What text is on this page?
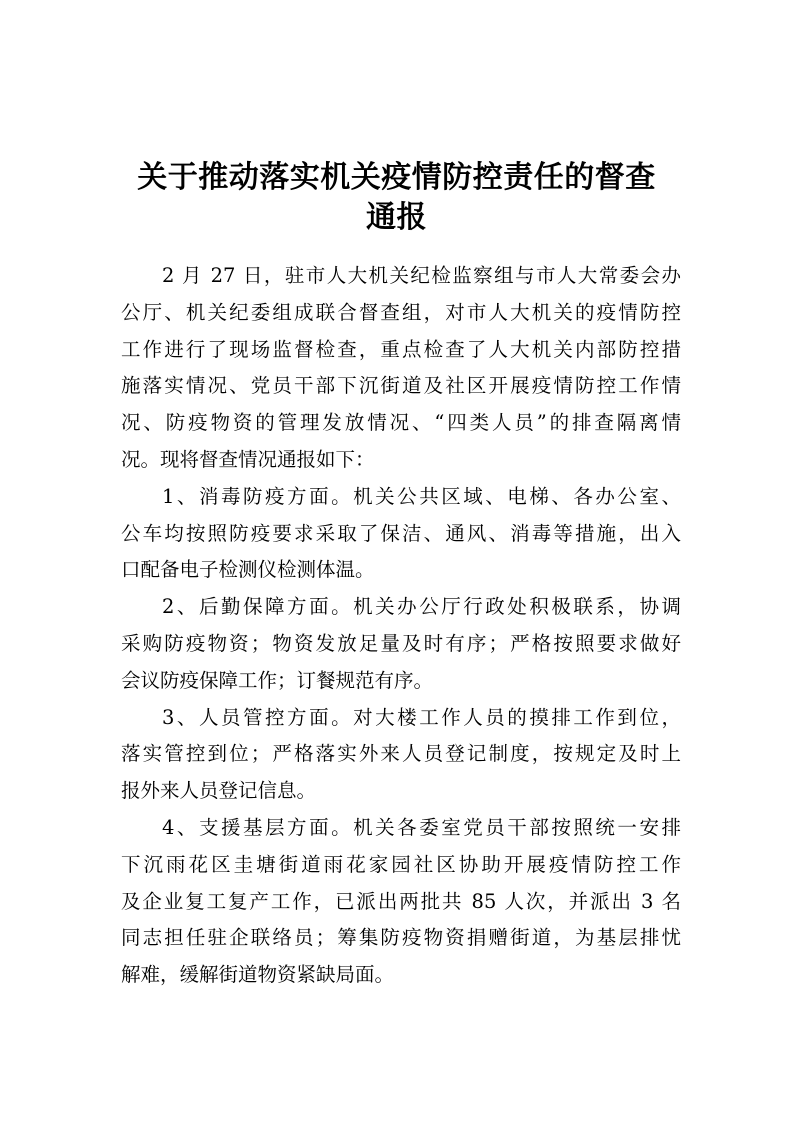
关于推动落实机关疫情防控责任的督查
通报
2 月 27 日，驻市人大机关纪检监察组与市人大常委会办
公厅、机关纪委组成联合督查组，对市人大机关的疫情防控
工作进行了现场监督检查，重点检查了人大机关内部防控措
施落实情况、党员干部下沉街道及社区开展疫情防控工作情
况、防疫物资的管理发放情况、“四类人员”的排查隔离情
况。现将督查情况通报如下：
1、消毒防疫方面。机关公共区域、电梯、各办公室、
公车均按照防疫要求采取了保洁、通风、消毒等措施，出入
口配备电子检测仪检测体温。
2、后勤保障方面。机关办公厅行政处积极联系，协调
采购防疫物资；物资发放足量及时有序；严格按照要求做好
会议防疫保障工作；订餐规范有序。
3、人员管控方面。对大楼工作人员的摸排工作到位，
落实管控到位；严格落实外来人员登记制度，按规定及时上
报外来人员登记信息。
4、支援基层方面。机关各委室党员干部按照统一安排
下沉雨花区圭塘街道雨花家园社区协助开展疫情防控工作
及企业复工复产工作，已派出两批共 85 人次，并派出 3 名
同志担任驻企联络员；筹集防疫物资捐赠街道，为基层排忧
解难，缓解街道物资紧缺局面。
